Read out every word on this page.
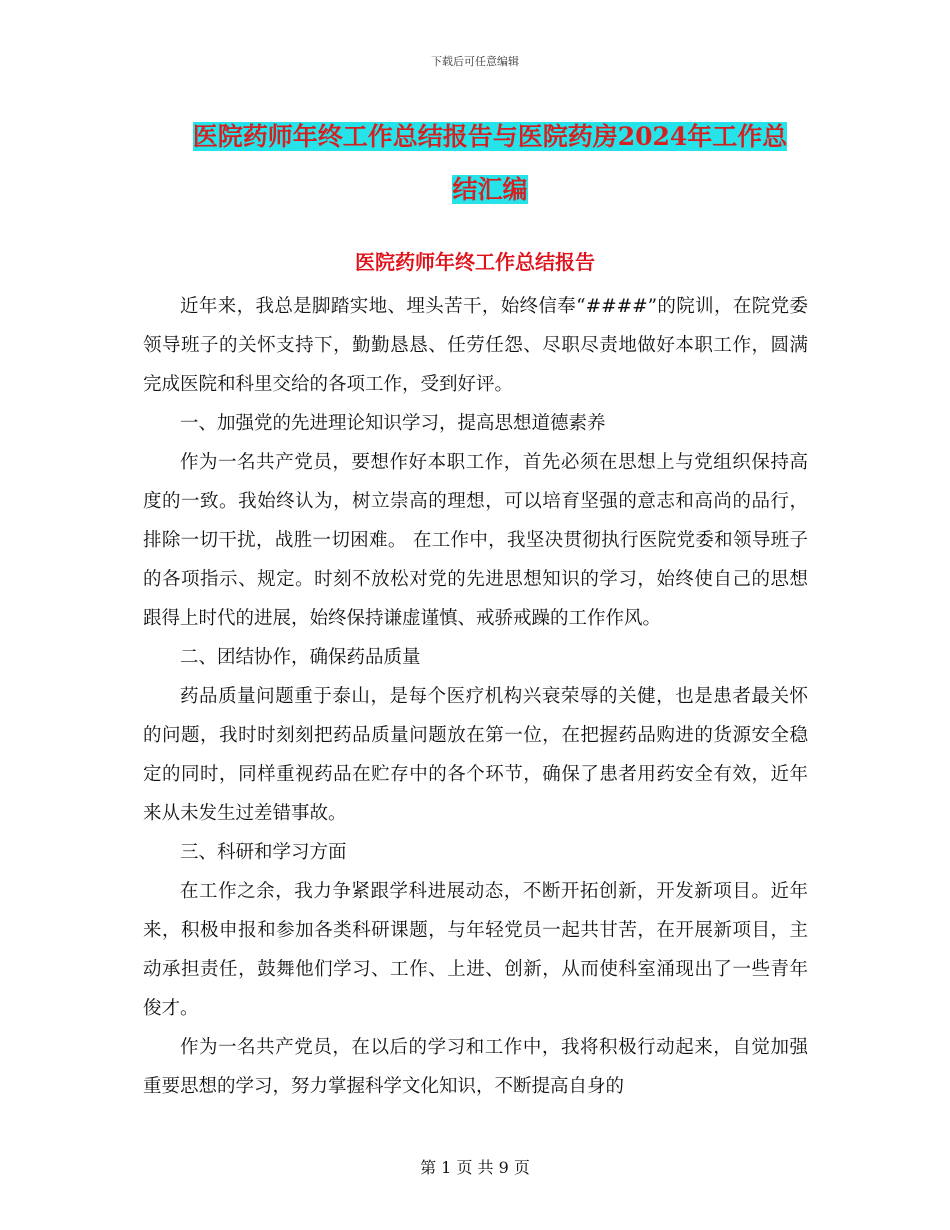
下载后可任意编辑
医院药师年终工作总结报告与医院药房2024年工作总
结汇编
医院药师年终工作总结报告

近年来，我总是脚踏实地、埋头苦干，始终信奉“####”的院训，在院党委领导班子的关怀支持下，勤勤恳恳、任劳任怨、尽职尽责地做好本职工作，圆满完成医院和科里交给的各项工作，受到好评。

一、加强党的先进理论知识学习，提高思想道德素养

作为一名共产党员，要想作好本职工作，首先必须在思想上与党组织保持高度的一致。我始终认为，树立崇高的理想，可以培育坚强的意志和高尚的品行，排除一切干扰，战胜一切困难。 在工作中，我坚决贯彻执行医院党委和领导班子的各项指示、规定。时刻不放松对党的先进思想知识的学习，始终使自己的思想跟得上时代的进展，始终保持谦虚谨慎、戒骄戒躁的工作作风。

二、团结协作，确保药品质量

药品质量问题重于泰山，是每个医疗机构兴衰荣辱的关健，也是患者最关怀的问题，我时时刻刻把药品质量问题放在第一位，在把握药品购进的货源安全稳定的同时，同样重视药品在贮存中的各个环节，确保了患者用药安全有效，近年来从未发生过差错事故。

三、科研和学习方面

在工作之余，我力争紧跟学科进展动态，不断开拓创新，开发新项目。近年来，积极申报和参加各类科研课题，与年轻党员一起共甘苦，在开展新项目，主动承担责任，鼓舞他们学习、工作、上进、创新，从而使科室涌现出了一些青年俊才。

作为一名共产党员，在以后的学习和工作中，我将积极行动起来，自觉加强重要思想的学习，努力掌握科学文化知识，不断提高自身的

第 1 页 共 9 页
